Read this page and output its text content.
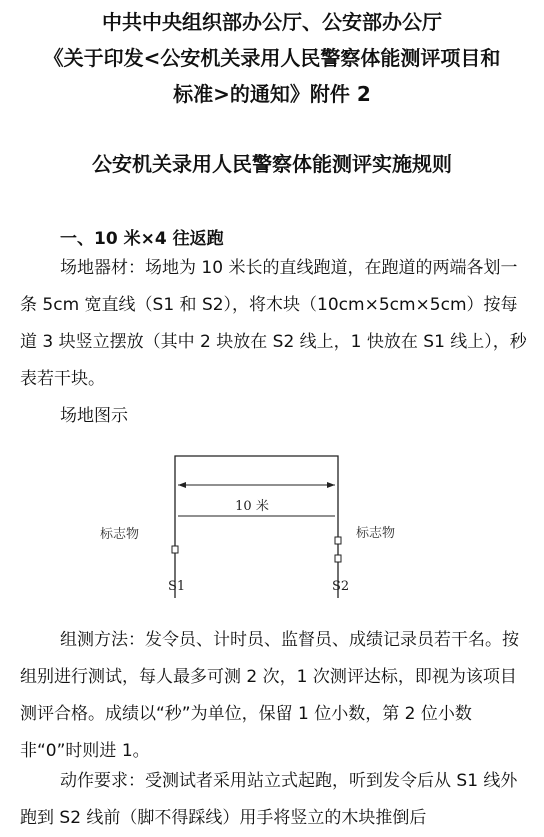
中共中央组织部办公厅、公安部办公厅

《关于印发<公安机关录用人民警察体能测评项目和

标准>的通知》附件 2

公安机关录用人民警察体能测评实施规则

一、10 米×4 往返跑

场地器材：场地为 10 米长的直线跑道，在跑道的两端各划一条 5cm 宽直线（S1 和 S2），将木块（10cm×5cm×5cm）按每道 3 块竖立摆放（其中 2 块放在 S2 线上，1 快放在 S1 线上），秒表若干块。

场地图示

10 米
标志物	标志物
S1	S2

组测方法：发令员、计时员、监督员、成绩记录员若干名。按组别进行测试，每人最多可测 2 次，1 次测评达标，即视为该项目测评合格。成绩以“秒”为单位，保留 1 位小数，第 2 位小数非“0”时则进 1。

动作要求：受测试者采用站立式起跑，听到发令后从 S1 线外跑到 S2 线前（脚不得踩线）用手将竖立的木块推倒后
